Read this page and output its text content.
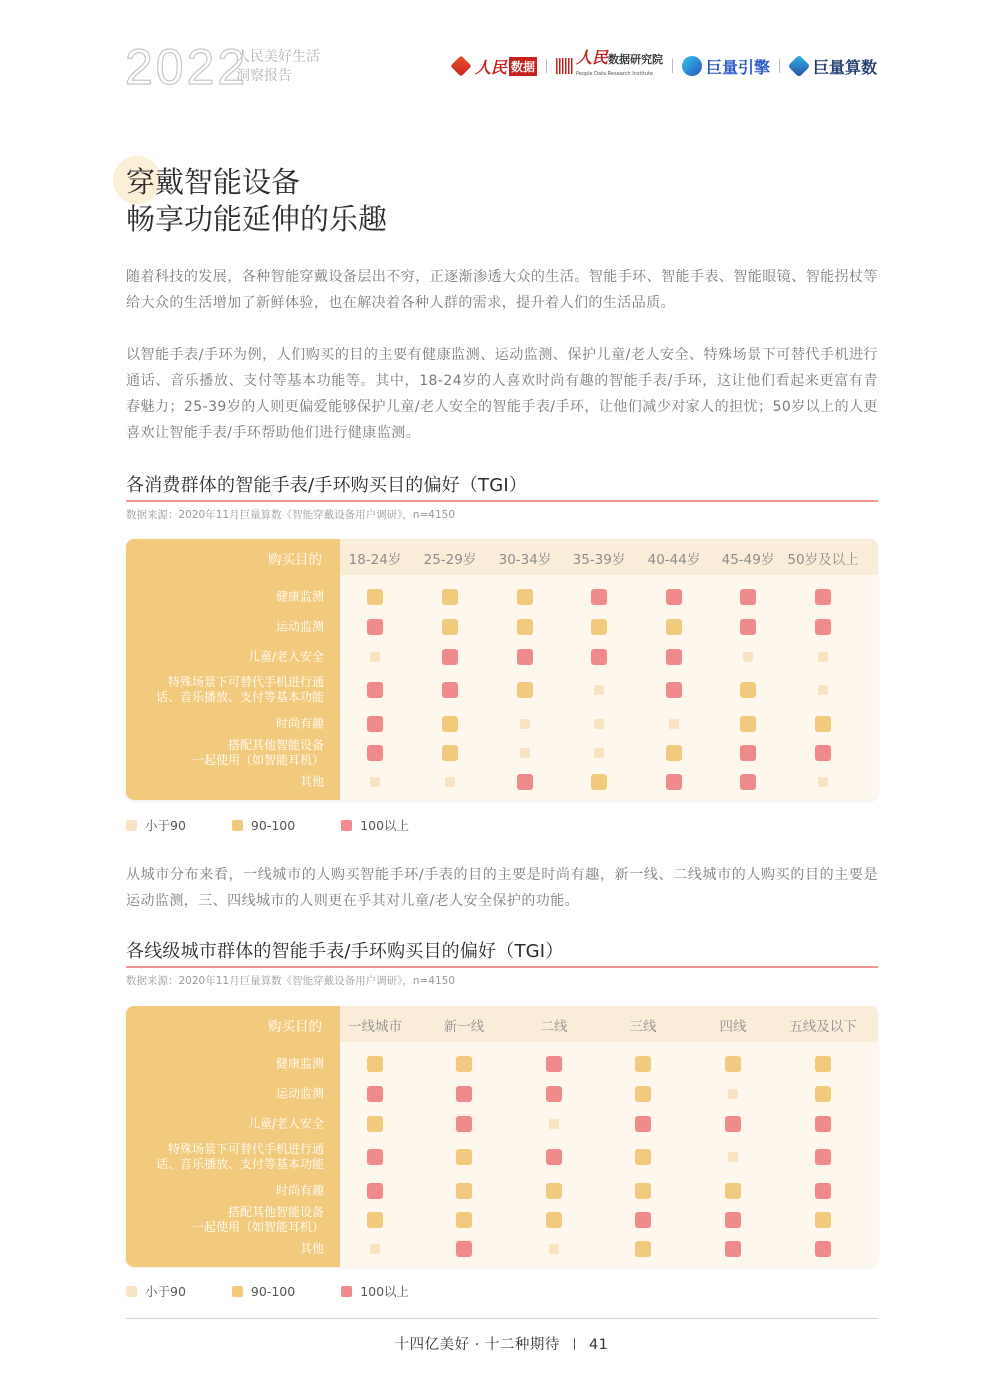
2022
人民美好生活
洞察报告	人民 数据	人民数据研究院
People Data Research Institute	巨量引擎	巨量算数
穿戴智能设备
畅享功能延伸的乐趣
随着科技的发展，各种智能穿戴设备层出不穷，正逐渐渗透大众的生活。智能手环、智能手表、智能眼镜、智能拐杖等给大众的生活增加了新鲜体验，也在解决着各种人群的需求，提升着人们的生活品质。
以智能手表/手环为例，人们购买的目的主要有健康监测、运动监测、保护儿童/老人安全、特殊场景下可替代手机进行通话、音乐播放、支付等基本功能等。其中，18-24岁的人喜欢时尚有趣的智能手表/手环，这让他们看起来更富有青春魅力；25-39岁的人则更偏爱能够保护儿童/老人安全的智能手表/手环，让他们减少对家人的担忧；50岁以上的人更喜欢让智能手表/手环帮助他们进行健康监测。
各消费群体的智能手表/手环购买目的偏好（TGI）
数据来源：2020年11月巨量算数《智能穿戴设备用户调研》，n=4150
购买目的 18-24岁 25-29岁 30-34岁 35-39岁 40-44岁 45-49岁 50岁及以上
健康监测
运动监测
儿童/老人安全
特殊场景下可替代手机进行通
话、音乐播放、支付等基本功能
时尚有趣
搭配其他智能设备
一起使用（如智能耳机）
其他
小于90	90-100	100以上
从城市分布来看，一线城市的人购买智能手环/手表的目的主要是时尚有趣，新一线、二线城市的人购买的目的主要是运动监测，三、四线城市的人则更在乎其对儿童/老人安全保护的功能。
各线级城市群体的智能手表/手环购买目的偏好（TGI）
数据来源：2020年11月巨量算数《智能穿戴设备用户调研》，n=4150
购买目的 一线城市	新一线	二线	三线	四线	五线及以下
健康监测
运动监测
儿童/老人安全
特殊场景下可替代手机进行通
话、音乐播放、支付等基本功能
时尚有趣
搭配其他智能设备
一起使用（如智能耳机）
其他
小于90	90-100	100以上
十四亿美好 · 十二种期待 41
